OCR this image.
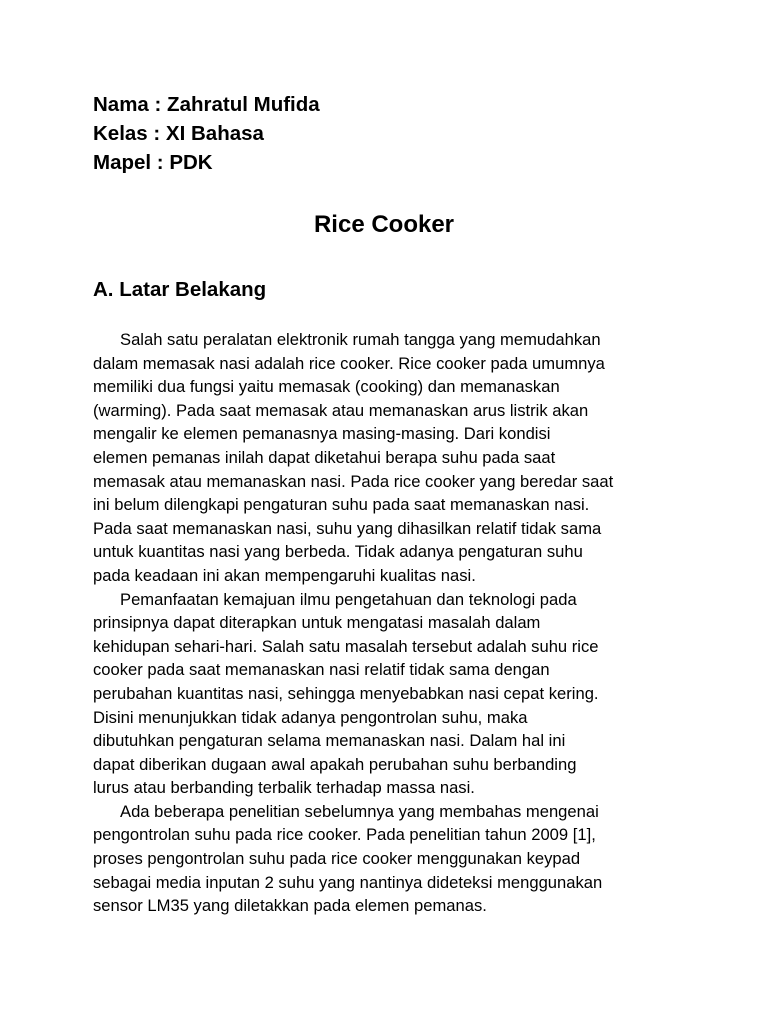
Nama : Zahratul Mufida
Kelas : XI Bahasa
Mapel : PDK
Rice Cooker
A. Latar Belakang
Salah satu peralatan elektronik rumah tangga yang memudahkan
dalam memasak nasi adalah rice cooker. Rice cooker pada umumnya
memiliki dua fungsi yaitu memasak (cooking) dan memanaskan
(warming). Pada saat memasak atau memanaskan arus listrik akan
mengalir ke elemen pemanasnya masing-masing. Dari kondisi
elemen pemanas inilah dapat diketahui berapa suhu pada saat
memasak atau memanaskan nasi. Pada rice cooker yang beredar saat
ini belum dilengkapi pengaturan suhu pada saat memanaskan nasi.
Pada saat memanaskan nasi, suhu yang dihasilkan relatif tidak sama
untuk kuantitas nasi yang berbeda. Tidak adanya pengaturan suhu
pada keadaan ini akan mempengaruhi kualitas nasi.
Pemanfaatan kemajuan ilmu pengetahuan dan teknologi pada
prinsipnya dapat diterapkan untuk mengatasi masalah dalam
kehidupan sehari-hari. Salah satu masalah tersebut adalah suhu rice
cooker pada saat memanaskan nasi relatif tidak sama dengan
perubahan kuantitas nasi, sehingga menyebabkan nasi cepat kering.
Disini menunjukkan tidak adanya pengontrolan suhu, maka
dibutuhkan pengaturan selama memanaskan nasi. Dalam hal ini
dapat diberikan dugaan awal apakah perubahan suhu berbanding
lurus atau berbanding terbalik terhadap massa nasi.
Ada beberapa penelitian sebelumnya yang membahas mengenai
pengontrolan suhu pada rice cooker. Pada penelitian tahun 2009 [1],
proses pengontrolan suhu pada rice cooker menggunakan keypad
sebagai media inputan 2 suhu yang nantinya dideteksi menggunakan
sensor LM35 yang diletakkan pada elemen pemanas.
